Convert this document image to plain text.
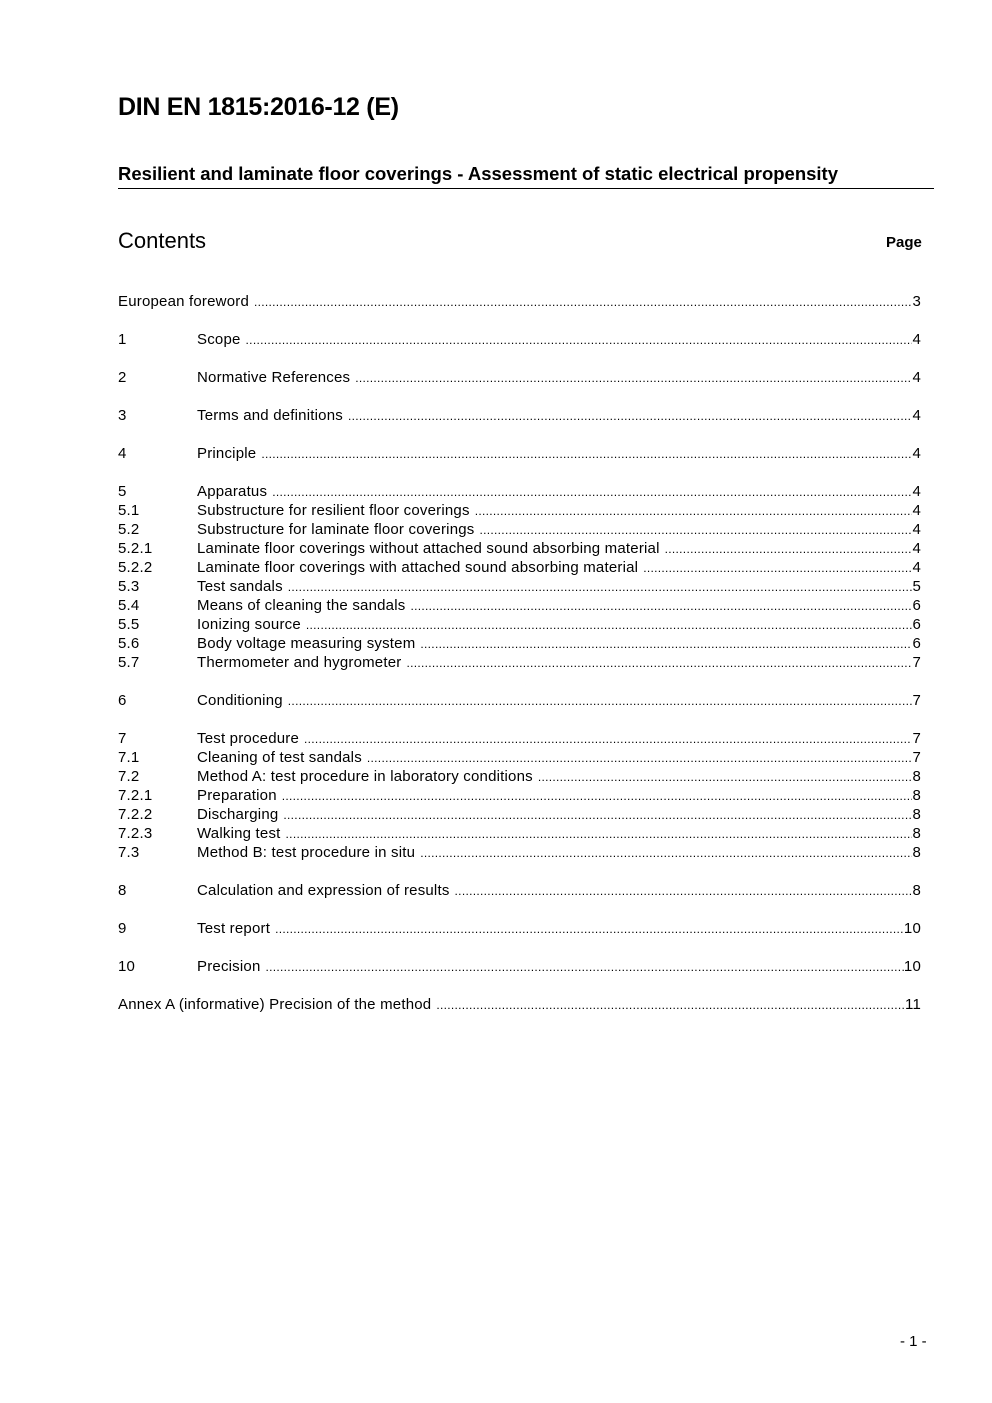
DIN EN 1815:2016-12 (E)
Resilient and laminate floor coverings - Assessment of static electrical propensity
Contents	Page
European foreword .....	3
1	Scope .....	4
2	Normative References .....	4
3	Terms and definitions .....	4
4	Principle .....	4
5	Apparatus .....	4
5.1	Substructure for resilient floor coverings .....	4
5.2	Substructure for laminate floor coverings .....	4
5.2.1	Laminate floor coverings without attached sound absorbing material .....	4
5.2.2	Laminate floor coverings with attached sound absorbing material .....	4
5.3	Test sandals .....	5
5.4	Means of cleaning the sandals .....	6
5.5	Ionizing source .....	6
5.6	Body voltage measuring system .....	6
5.7	Thermometer and hygrometer .....	7
6	Conditioning .....	7
7	Test procedure .....	7
7.1	Cleaning of test sandals .....	7
7.2	Method A: test procedure in laboratory conditions .....	8
7.2.1	Preparation .....	8
7.2.2	Discharging .....	8
7.2.3	Walking test .....	8
7.3	Method B: test procedure in situ .....	8
8	Calculation and expression of results .....	8
9	Test report .....	10
10	Precision .....	10
Annex A (informative) Precision of the method .....	11
- 1 -
